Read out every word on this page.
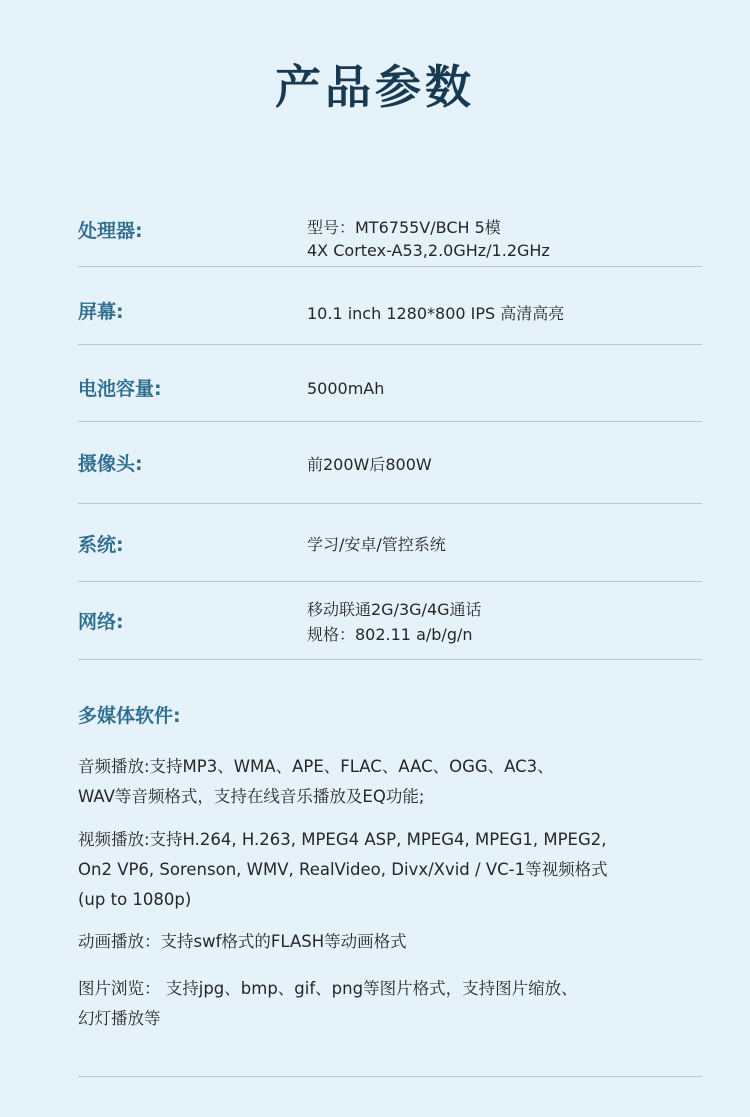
产品参数
处理器:	型号：MT6755V/BCH 5模
4X Cortex-A53,2.0GHz/1.2GHz
屏幕:	10.1 inch 1280*800 IPS 高清高亮
电池容量:	5000mAh
摄像头:	前200W后800W
系统:	学习/安卓/管控系统
网络:
移动联通2G/3G/4G通话
规格：802.11 a/b/g/n
多媒体软件:
音频播放:支持MP3、WMA、APE、FLAC、AAC、OGG、AC3、
WAV等音频格式，支持在线音乐播放及EQ功能;
视频播放:支持H.264, H.263, MPEG4 ASP, MPEG4, MPEG1, MPEG2,
On2 VP6, Sorenson, WMV, RealVideo, Divx/Xvid / VC-1等视频格式
(up to 1080p)
动画播放：支持swf格式的FLASH等动画格式
图片浏览： 支持jpg、bmp、gif、png等图片格式，支持图片缩放、
幻灯播放等
